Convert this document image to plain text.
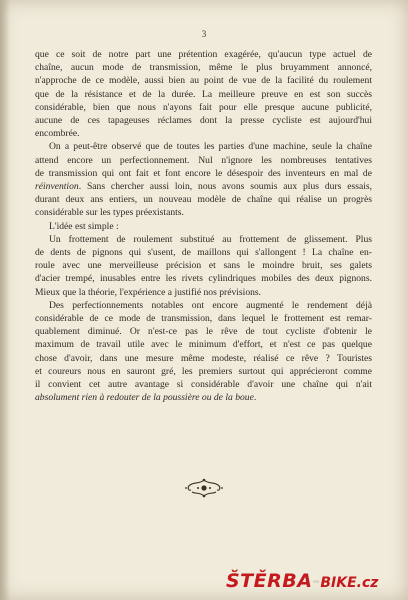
3

que ce soit de notre part une prétention exagérée, qu'aucun type actuel de
chaîne, aucun mode de transmission, même le plus bruyamment annoncé,
n'approche de ce modèle, aussi bien au point de vue de la facilité du roulement
que de la résistance et de la durée. La meilleure preuve en est son succès
considérable, bien que nous n'ayons fait pour elle presque aucune publicité,
aucune de ces tapageuses réclames dont la presse cycliste est aujourd'hui
encombrée.

On a peut-être observé que de toutes les parties d'une machine, seule la chaîne
attend encore un perfectionnement. Nul n'ignore les nombreuses tentatives
de transmission qui ont fait et font encore le désespoir des inventeurs en mal de
réinvention. Sans chercher aussi loin, nous avons soumis aux plus durs essais,
durant deux ans entiers, un nouveau modèle de chaîne qui réalise un progrès
considérable sur les types préexistants.

L'idée est simple :

Un frottement de roulement substitué au frottement de glissement. Plus
de dents de pignons qui s'usent, de maillons qui s'allongent ! La chaîne en-
roule avec une merveilleuse précision et sans le moindre bruit, ses galets
d'acier trempé, inusables entre les rivets cylindriques mobiles des deux pignons.
Mieux que la théorie, l'expérience a justifié nos prévisions.

Des perfectionnements notables ont encore augmenté le rendement déjà
considérable de ce mode de transmission, dans lequel le frottement est remar-
quablement diminué. Or n'est-ce pas le rêve de tout cycliste d'obtenir le
maximum de travail utile avec le minimum d'effort, et n'est ce pas quelque
chose d'avoir, dans une mesure même modeste, réalisé ce rêve ? Touristes
et coureurs nous en sauront gré, les premiers surtout qui apprécieront comme
il convient cet autre avantage si considérable d'avoir une chaîne qui n'ait
absolument rien à redouter de la poussière ou de la boue.

ŠTĚRBA-BIKE.cz
